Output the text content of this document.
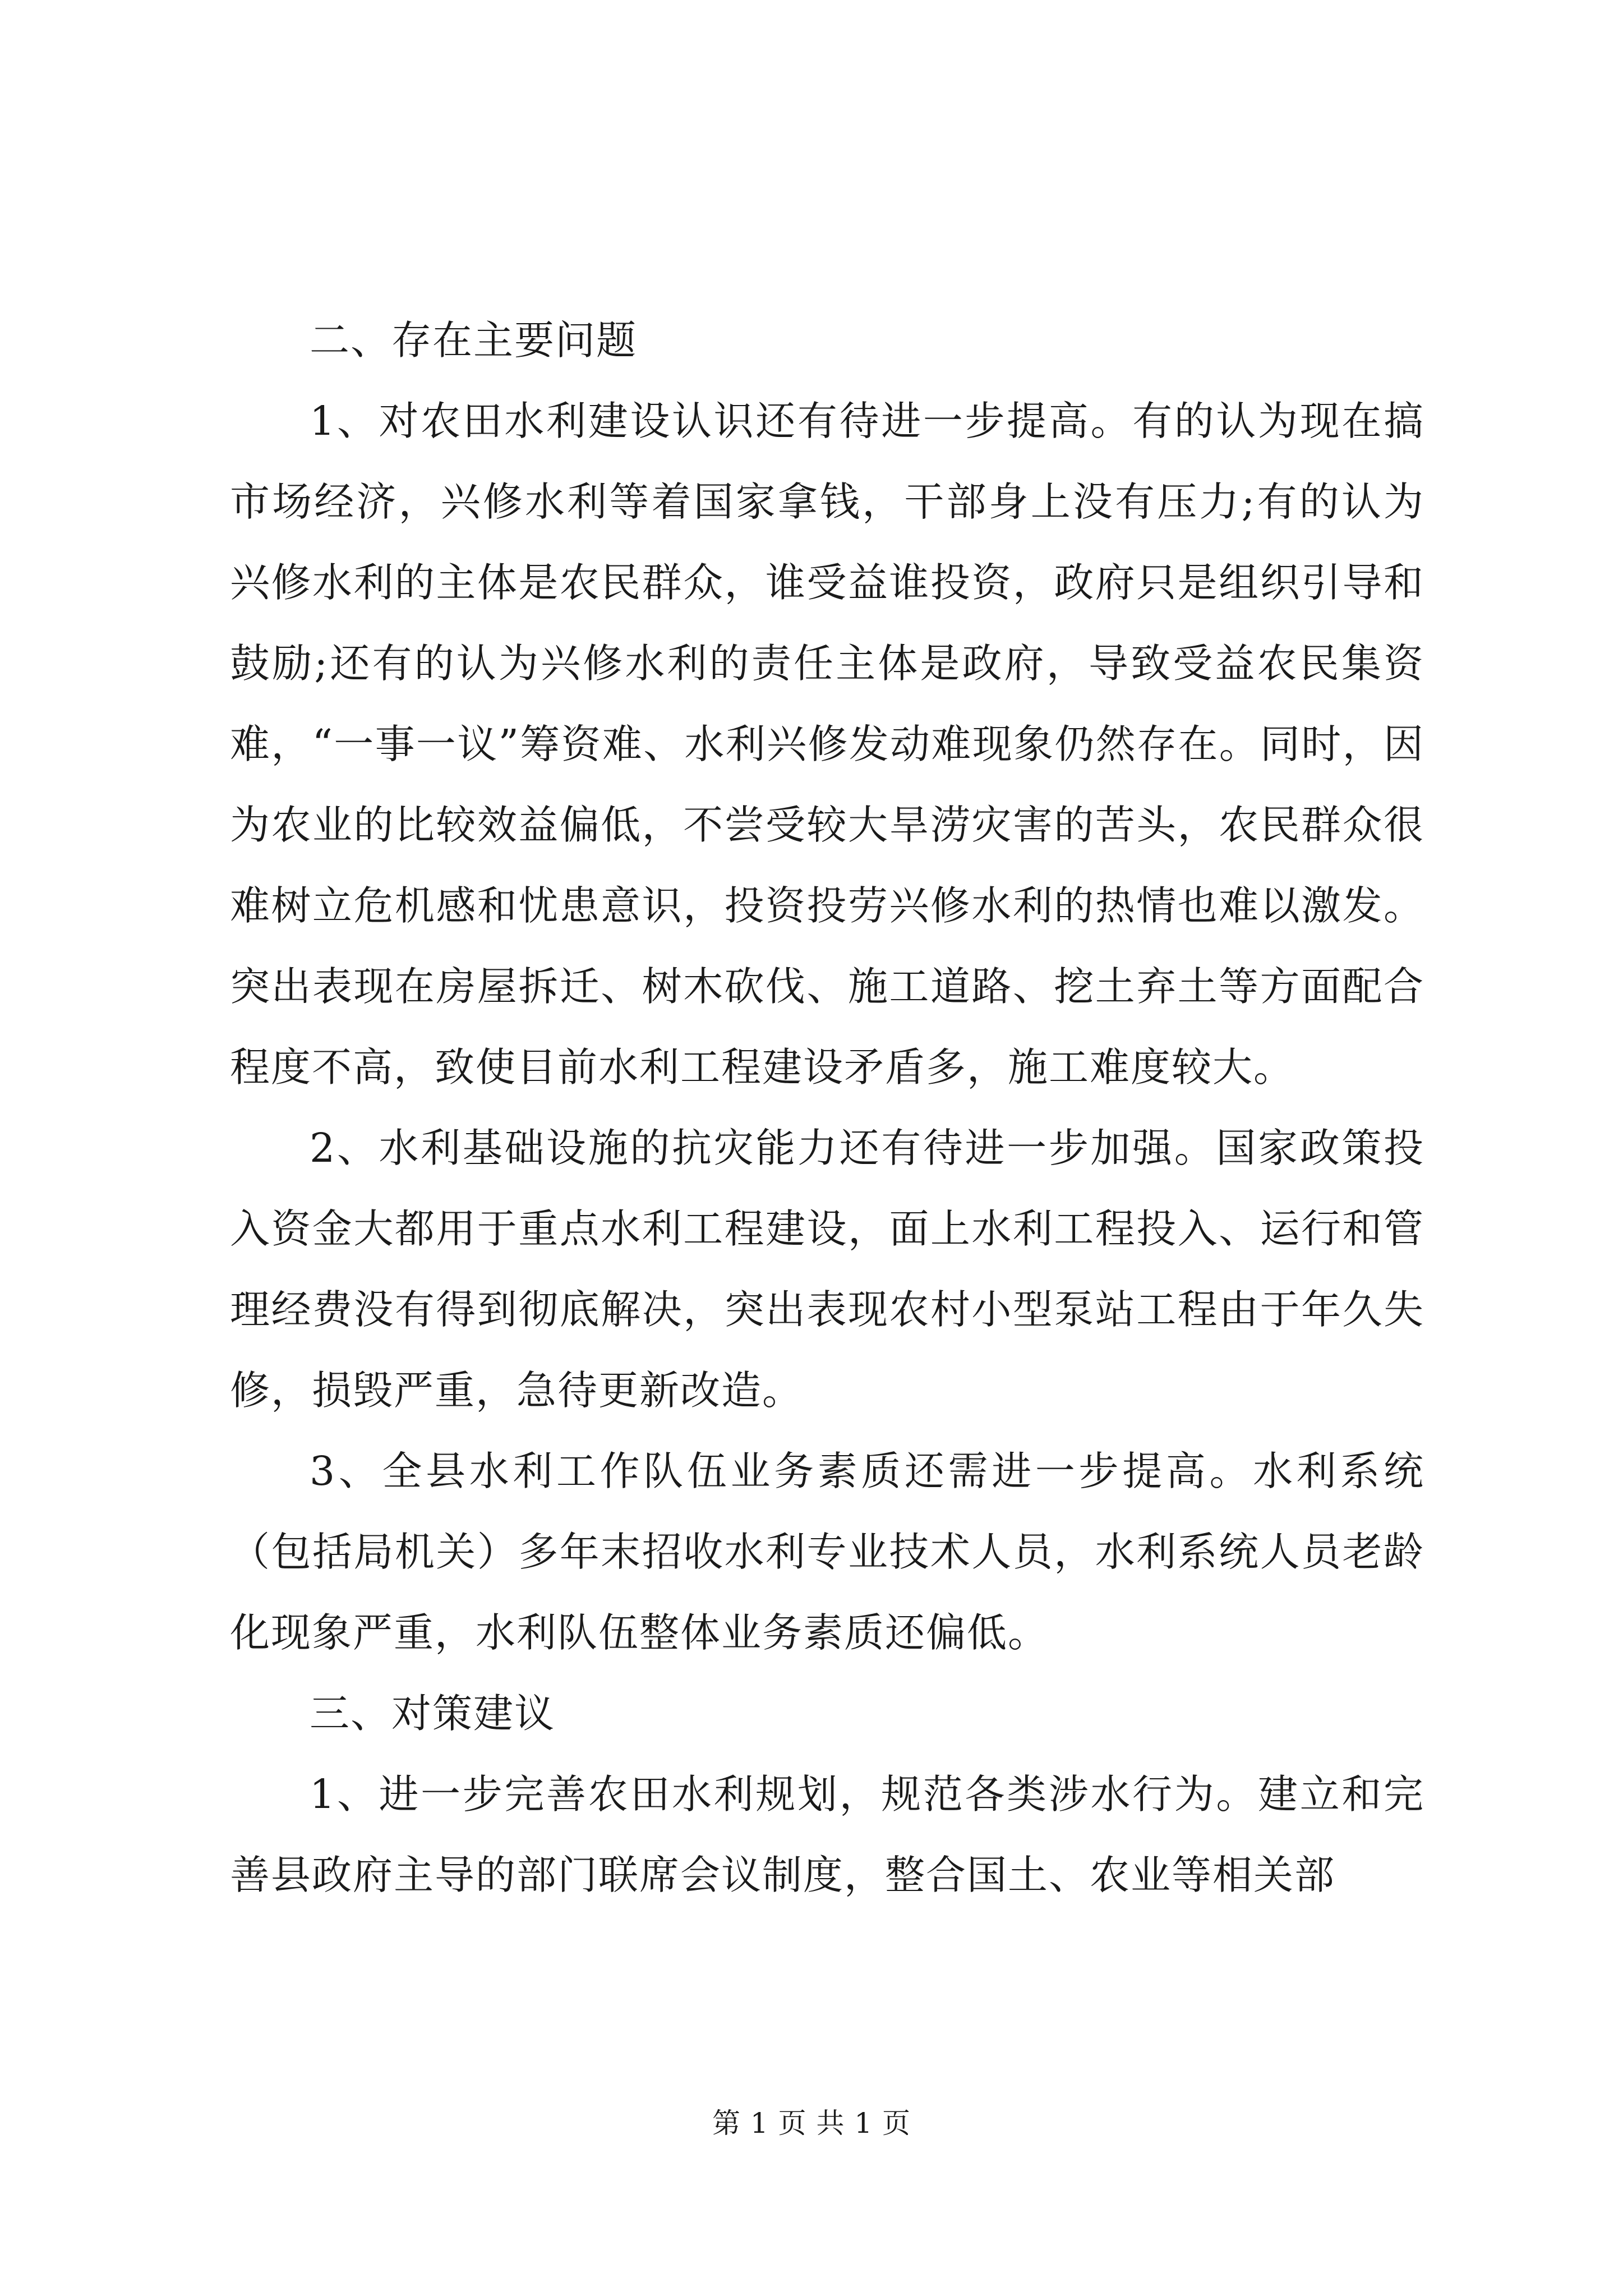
二、存在主要问题

1、对农田水利建设认识还有待进一步提高。有的认为现在搞市场经济，兴修水利等着国家拿钱，干部身上没有压力;有的认为兴修水利的主体是农民群众，谁受益谁投资，政府只是组织引导和鼓励;还有的认为兴修水利的责任主体是政府，导致受益农民集资难，“一事一议”筹资难、水利兴修发动难现象仍然存在。同时，因为农业的比较效益偏低，不尝受较大旱涝灾害的苦头，农民群众很难树立危机感和忧患意识，投资投劳兴修水利的热情也难以激发。突出表现在房屋拆迁、树木砍伐、施工道路、挖土弃土等方面配合程度不高，致使目前水利工程建设矛盾多，施工难度较大。

2、水利基础设施的抗灾能力还有待进一步加强。国家政策投入资金大都用于重点水利工程建设，面上水利工程投入、运行和管理经费没有得到彻底解决，突出表现农村小型泵站工程由于年久失修，损毁严重，急待更新改造。

3、全县水利工作队伍业务素质还需进一步提高。水利系统（包括局机关）多年末招收水利专业技术人员，水利系统人员老龄化现象严重，水利队伍整体业务素质还偏低。

三、对策建议

1、进一步完善农田水利规划，规范各类涉水行为。建立和完善县政府主导的部门联席会议制度，整合国土、农业等相关部

第 1 页 共 1 页
